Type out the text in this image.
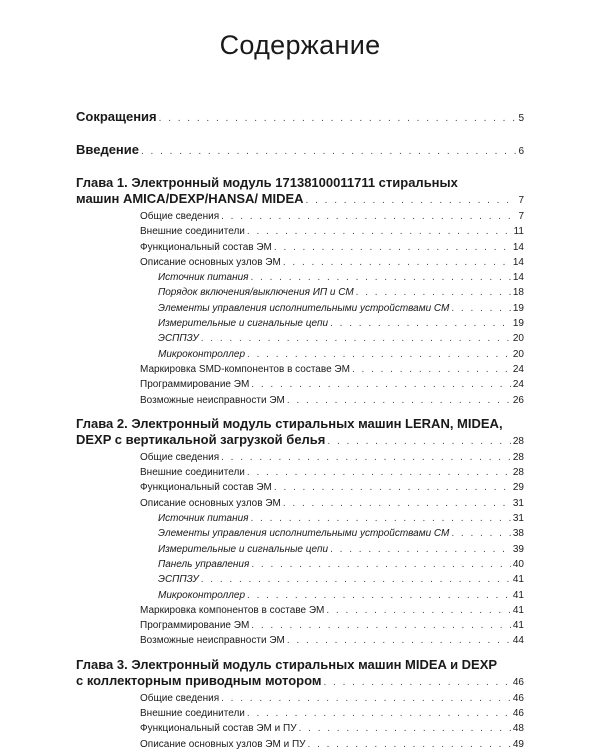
Содержание
Сокращения . . .	5
Введение . . .	6
Глава 1. Электронный модуль 17138100011711 стиральных
машин AMICA/DEXP/HANSA/ MIDEA . . .	7
Общие сведения . . .	7
Внешние соединители . . .	11
Функциональный состав ЭМ . . .	14
Описание основных узлов ЭМ . . .	14
Источник питания . . .	14
Порядок включения/выключения ИП и СМ . . .	18
Элементы управления исполнительными устройствами СМ . . .	19
Измерительные и сигнальные цепи . . .	19
ЭСППЗУ . . .	20
Микроконтроллер . . .	20
Маркировка SMD-компонентов в составе ЭМ . . .	24
Программирование ЭМ . . .	24
Возможные неисправности ЭМ . . .	26
Глава 2. Электронный модуль стиральных машин LERAN, MIDEA,
DEXP с вертикальной загрузкой белья . . .	28
Общие сведения . . .	28
Внешние соединители . . .	28
Функциональный состав ЭМ . . .	29
Описание основных узлов ЭМ . . .	31
Источник питания . . .	31
Элементы управления исполнительными устройствами СМ . . .	38
Измерительные и сигнальные цепи . . .	39
Панель управления . . .	40
ЭСППЗУ . . .	41
Микроконтроллер . . .	41
Маркировка компонентов в составе ЭМ . . .	41
Программирование ЭМ . . .	41
Возможные неисправности ЭМ . . .	44
Глава 3. Электронный модуль стиральных машин MIDEA и DEXP
с коллекторным приводным мотором . . .	46
Общие сведения . . .	46
Внешние соединители . . .	46
Функциональный состав ЭМ и ПУ . . .	48
Описание основных узлов ЭМ и ПУ . . .	49
